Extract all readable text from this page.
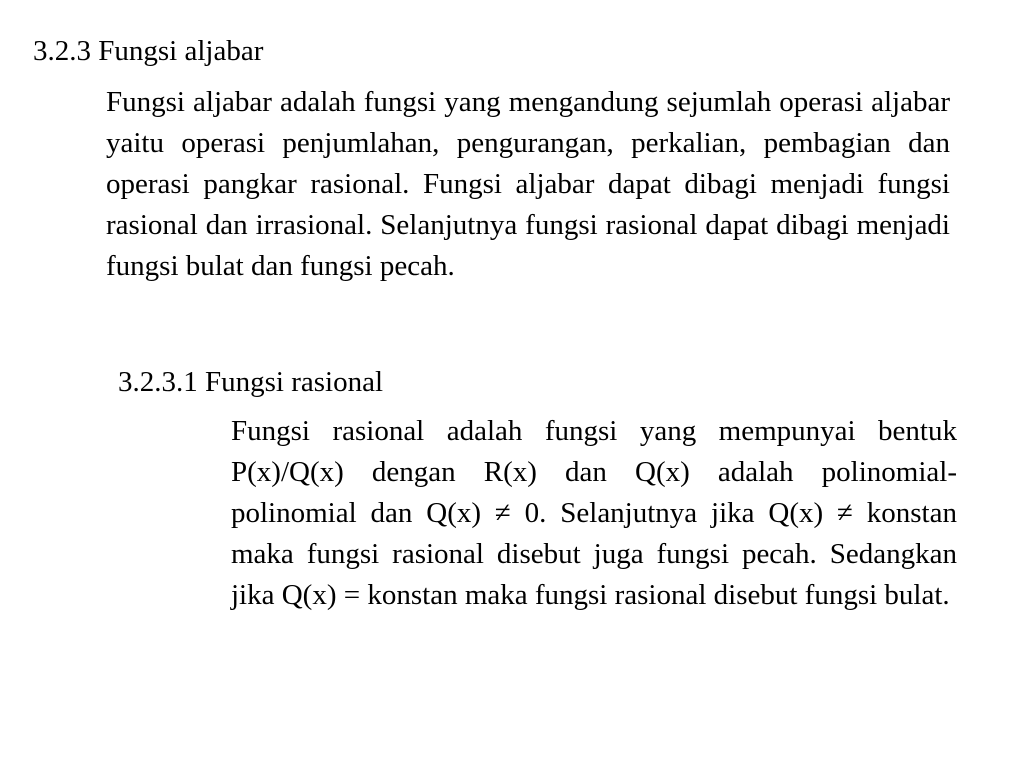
3.2.3 Fungsi aljabar

Fungsi aljabar adalah fungsi yang mengandung sejumlah operasi aljabar yaitu operasi penjumlahan, pengurangan, perkalian, pembagian dan operasi pangkar rasional. Fungsi aljabar dapat dibagi menjadi fungsi rasional dan irrasional. Selanjutnya fungsi rasional dapat dibagi menjadi fungsi bulat dan fungsi pecah.

3.2.3.1 Fungsi rasional

Fungsi rasional adalah fungsi yang mempunyai bentuk P(x)/Q(x) dengan R(x) dan Q(x) adalah polinomial-polinomial dan Q(x) ≠ 0. Selanjutnya jika Q(x) ≠ konstan maka fungsi rasional disebut juga fungsi pecah. Sedangkan jika Q(x) = konstan maka fungsi rasional disebut fungsi bulat.
